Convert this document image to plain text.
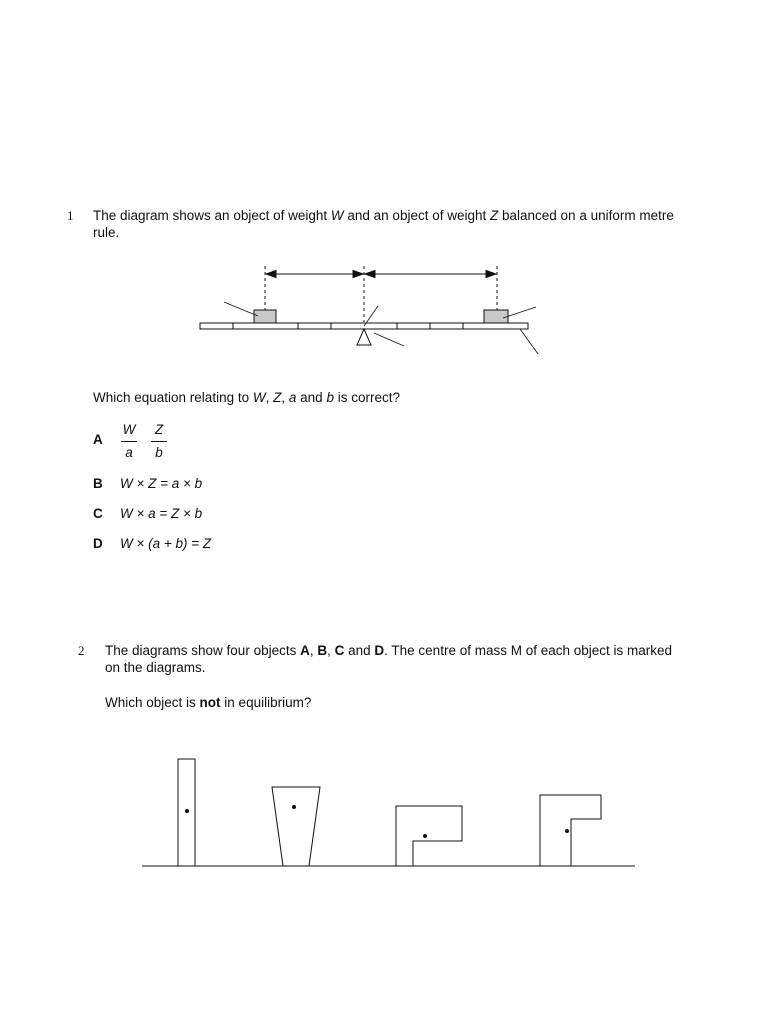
1 The diagram shows an object of weight W and an object of weight Z balanced on a uniform metre
rule.
Which equation relating to W, Z, a and b is correct?
A
W
a
Z
b
B W × Z = a × b
C W × a = Z × b
D W × (a + b) = Z
2 The diagrams show four objects A, B, C and D. The centre of mass M of each object is marked
on the diagrams.
Which object is not in equilibrium?
